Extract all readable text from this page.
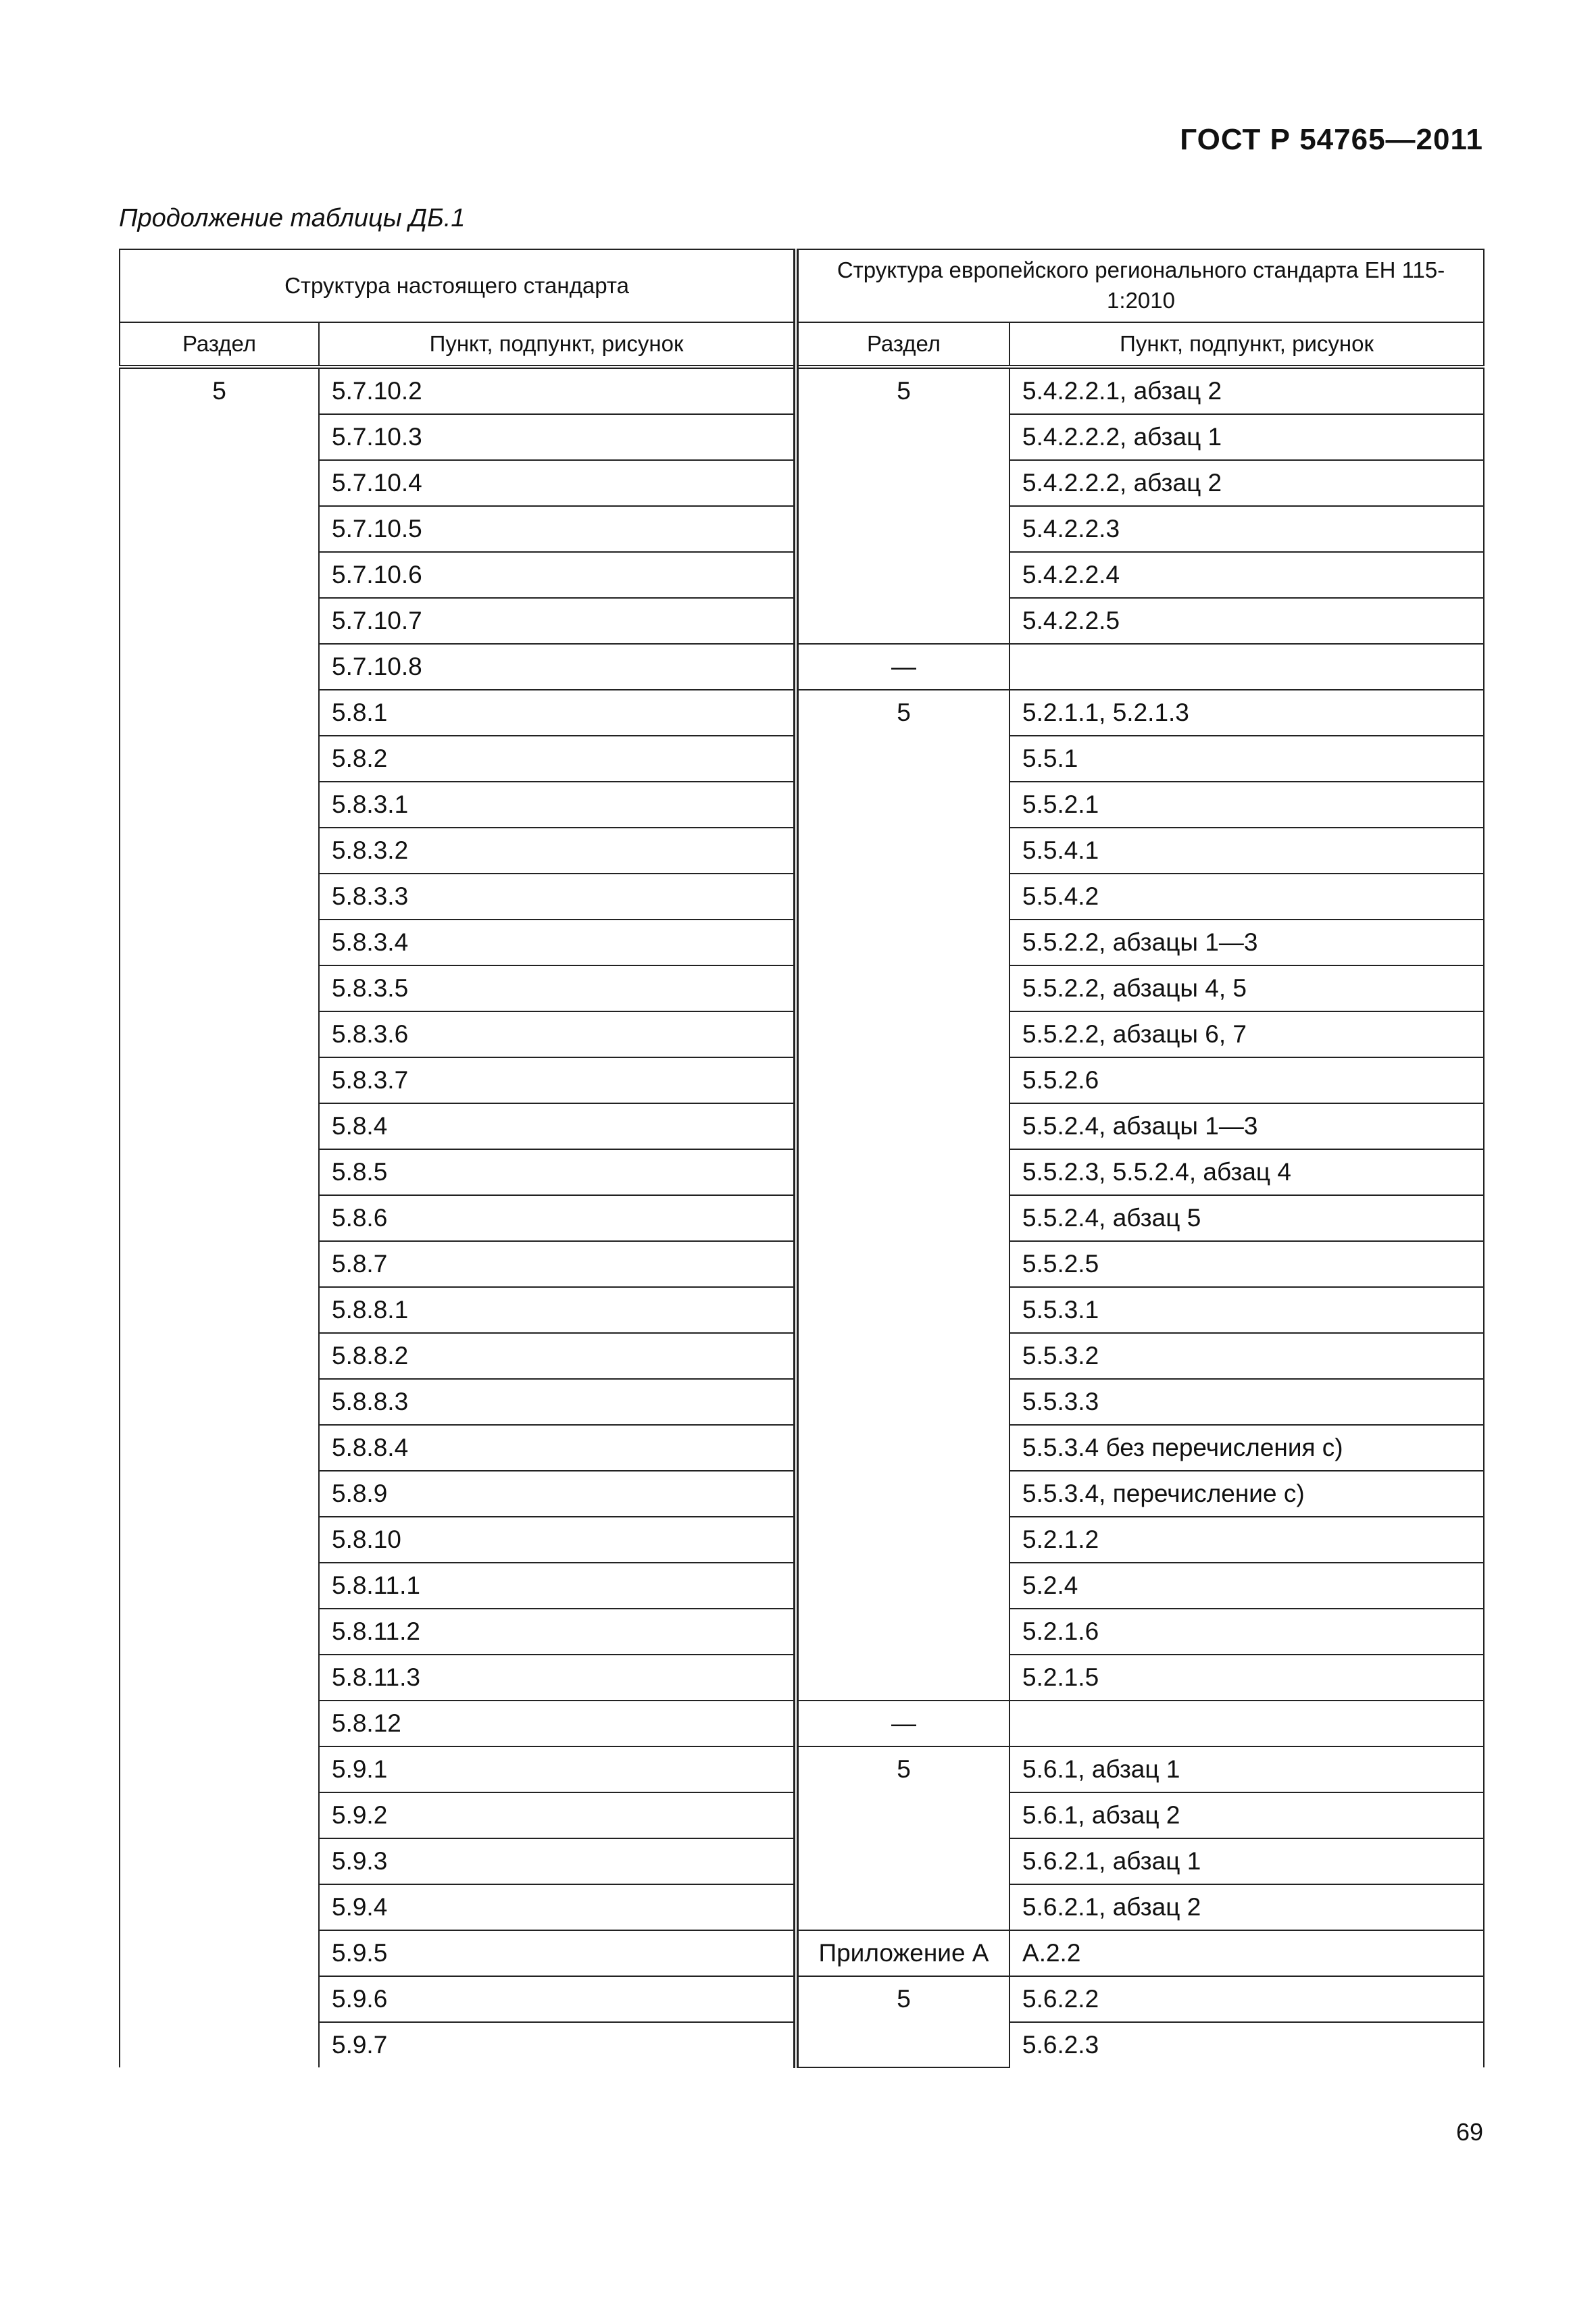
ГОСТ Р 54765—2011
Продолжение таблицы ДБ.1
Структура настоящего стандарта		Структура европейского регионального стандарта ЕН 115-1:2010	
Раздел	Пункт, подпункт, рисунок	Раздел	Пункт, подпункт, рисунок
5	5.7.10.2	5	5.4.2.2.1, абзац 2
	5.7.10.3		5.4.2.2.2, абзац 1
	5.7.10.4		5.4.2.2.2, абзац 2
	5.7.10.5		5.4.2.2.3
	5.7.10.6		5.4.2.2.4
	5.7.10.7		5.4.2.2.5
	5.7.10.8	—	
	5.8.1	5	5.2.1.1, 5.2.1.3
	5.8.2		5.5.1
	5.8.3.1		5.5.2.1
	5.8.3.2		5.5.4.1
	5.8.3.3		5.5.4.2
	5.8.3.4		5.5.2.2, абзацы 1—3
	5.8.3.5		5.5.2.2, абзацы 4, 5
	5.8.3.6		5.5.2.2, абзацы 6, 7
	5.8.3.7		5.5.2.6
	5.8.4		5.5.2.4, абзацы 1—3
	5.8.5		5.5.2.3, 5.5.2.4, абзац 4
	5.8.6		5.5.2.4, абзац 5
	5.8.7		5.5.2.5
	5.8.8.1		5.5.3.1
	5.8.8.2		5.5.3.2
	5.8.8.3		5.5.3.3
	5.8.8.4		5.5.3.4 без перечисления с)
	5.8.9		5.5.3.4, перечисление с)
	5.8.10		5.2.1.2
	5.8.11.1		5.2.4
	5.8.11.2		5.2.1.6
	5.8.11.3		5.2.1.5
	5.8.12	—	
	5.9.1	5	5.6.1, абзац 1
	5.9.2		5.6.1, абзац 2
	5.9.3		5.6.2.1, абзац 1
	5.9.4		5.6.2.1, абзац 2
	5.9.5	Приложение А	А.2.2
	5.9.6	5	5.6.2.2
	5.9.7		5.6.2.3
69
